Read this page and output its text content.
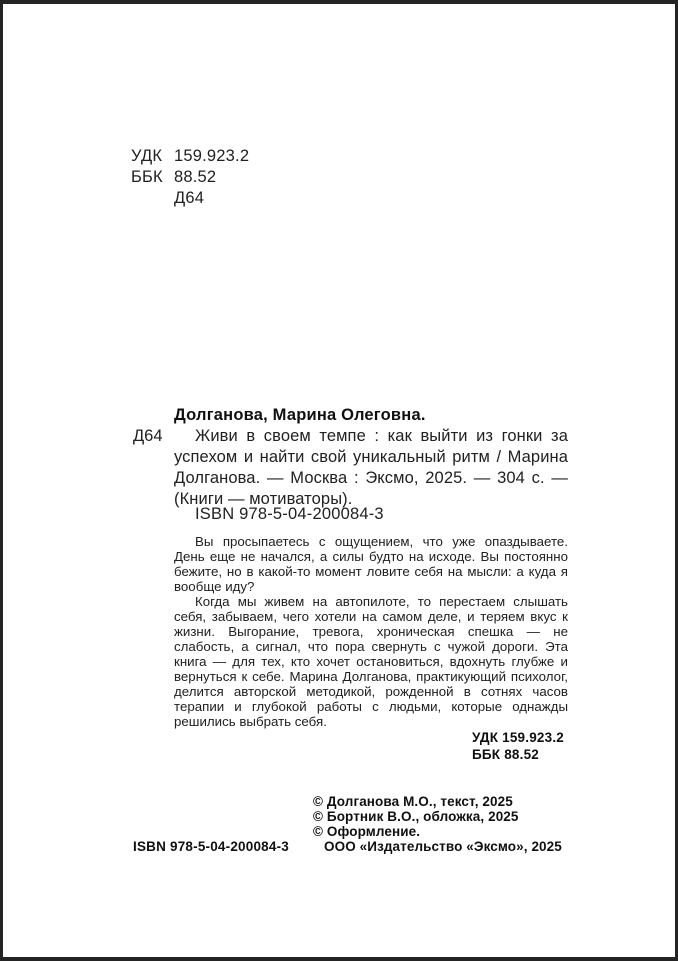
УДК 159.923.2
ББК 88.52
Д64
Долганова, Марина Олеговна.
Д64	Живи в своем темпе : как выйти из гонки за успехом и найти свой уникальный ритм / Марина Долганова. — Москва : Эксмо, 2025. — 304 с. — (Книги — мотиваторы).

ISBN 978-5-04-200084-3

Вы просыпаетесь с ощущением, что уже опаздываете. День еще не начался, а силы будто на исходе. Вы постоянно бежите, но в какой-то момент ловите себя на мысли: а куда я вообще иду?

Когда мы живем на автопилоте, то перестаем слышать себя, забываем, чего хотели на самом деле, и теряем вкус к жизни. Выгорание, тревога, хроническая спешка — не слабость, а сигнал, что пора свернуть с чужой дороги. Эта книга — для тех, кто хочет остановиться, вдохнуть глубже и вернуться к себе. Марина Долганова, практикующий психолог, делится авторской методикой, рожденной в сотнях часов терапии и глубокой работы с людьми, которые однажды решились выбрать себя.

УДК 159.923.2
ББК 88.52
© Долганова М.О., текст, 2025
© Бортник В.О., обложка, 2025
© Оформление.
ООО «Издательство «Эксмо», 2025
ISBN 978-5-04-200084-3
